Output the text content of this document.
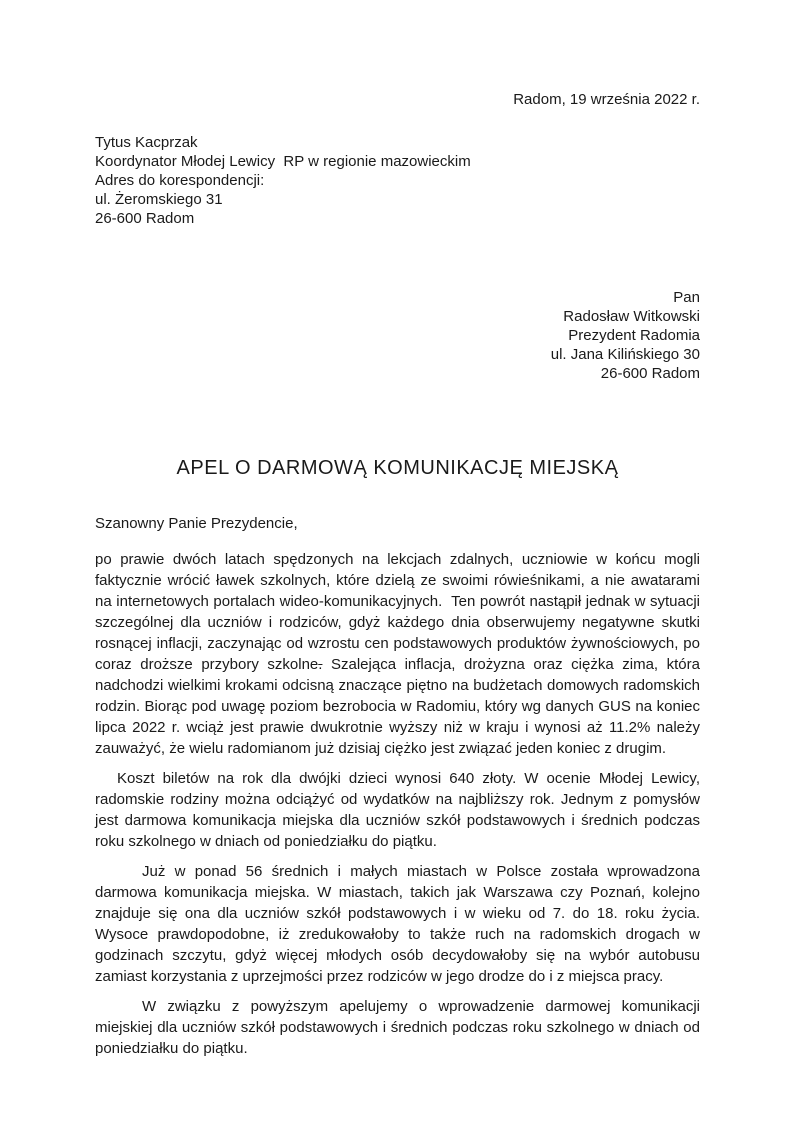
Radom, 19 września 2022 r.
Tytus Kacprzak
Koordynator Młodej Lewicy  RP w regionie mazowieckim
Adres do korespondencji:
ul. Żeromskiego 31
26-600 Radom
Pan
Radosław Witkowski
Prezydent Radomia
ul. Jana Kilińskiego 30
26-600 Radom
APEL O DARMOWĄ KOMUNIKACJĘ MIEJSKĄ

Szanowny Panie Prezydencie,

po prawie dwóch latach spędzonych na lekcjach zdalnych, uczniowie w końcu mogli faktycznie wrócić ławek szkolnych, które dzielą ze swoimi rówieśnikami, a nie awatarami na internetowych portalach wideo-komunikacyjnych.  Ten powrót nastąpił jednak w sytuacji szczególnej dla uczniów i rodziców, gdyż każdego dnia obserwujemy negatywne skutki rosnącej inflacji, zaczynając od wzrostu cen podstawowych produktów żywnościowych, po coraz droższe przybory szkolne. Szalejąca inflacja, drożyzna oraz ciężka zima, która nadchodzi wielkimi krokami odcisną znaczące piętno na budżetach domowych radomskich rodzin. Biorąc pod uwagę poziom bezrobocia w Radomiu, który wg danych GUS na koniec lipca 2022 r. wciąż jest prawie dwukrotnie wyższy niż w kraju i wynosi aż 11.2% należy zauważyć, że wielu radomianom już dzisiaj ciężko jest związać jeden koniec z drugim.

Koszt biletów na rok dla dwójki dzieci wynosi 640 złoty. W ocenie Młodej Lewicy, radomskie rodziny można odciążyć od wydatków na najbliższy rok. Jednym z pomysłów jest darmowa komunikacja miejska dla uczniów szkół podstawowych i średnich podczas roku szkolnego w dniach od poniedziałku do piątku.

Już w ponad 56 średnich i małych miastach w Polsce została wprowadzona darmowa komunikacja miejska. W miastach, takich jak Warszawa czy Poznań, kolejno znajduje się ona dla uczniów szkół podstawowych i w wieku od 7. do 18. roku życia. Wysoce prawdopodobne, iż zredukowałoby to także ruch na radomskich drogach w godzinach szczytu, gdyż więcej młodych osób decydowałoby się na wybór autobusu zamiast korzystania z uprzejmości przez rodziców w jego drodze do i z miejsca pracy.

W związku z powyższym apelujemy o wprowadzenie darmowej komunikacji miejskiej dla uczniów szkół podstawowych i średnich podczas roku szkolnego w dniach od poniedziałku do piątku.
